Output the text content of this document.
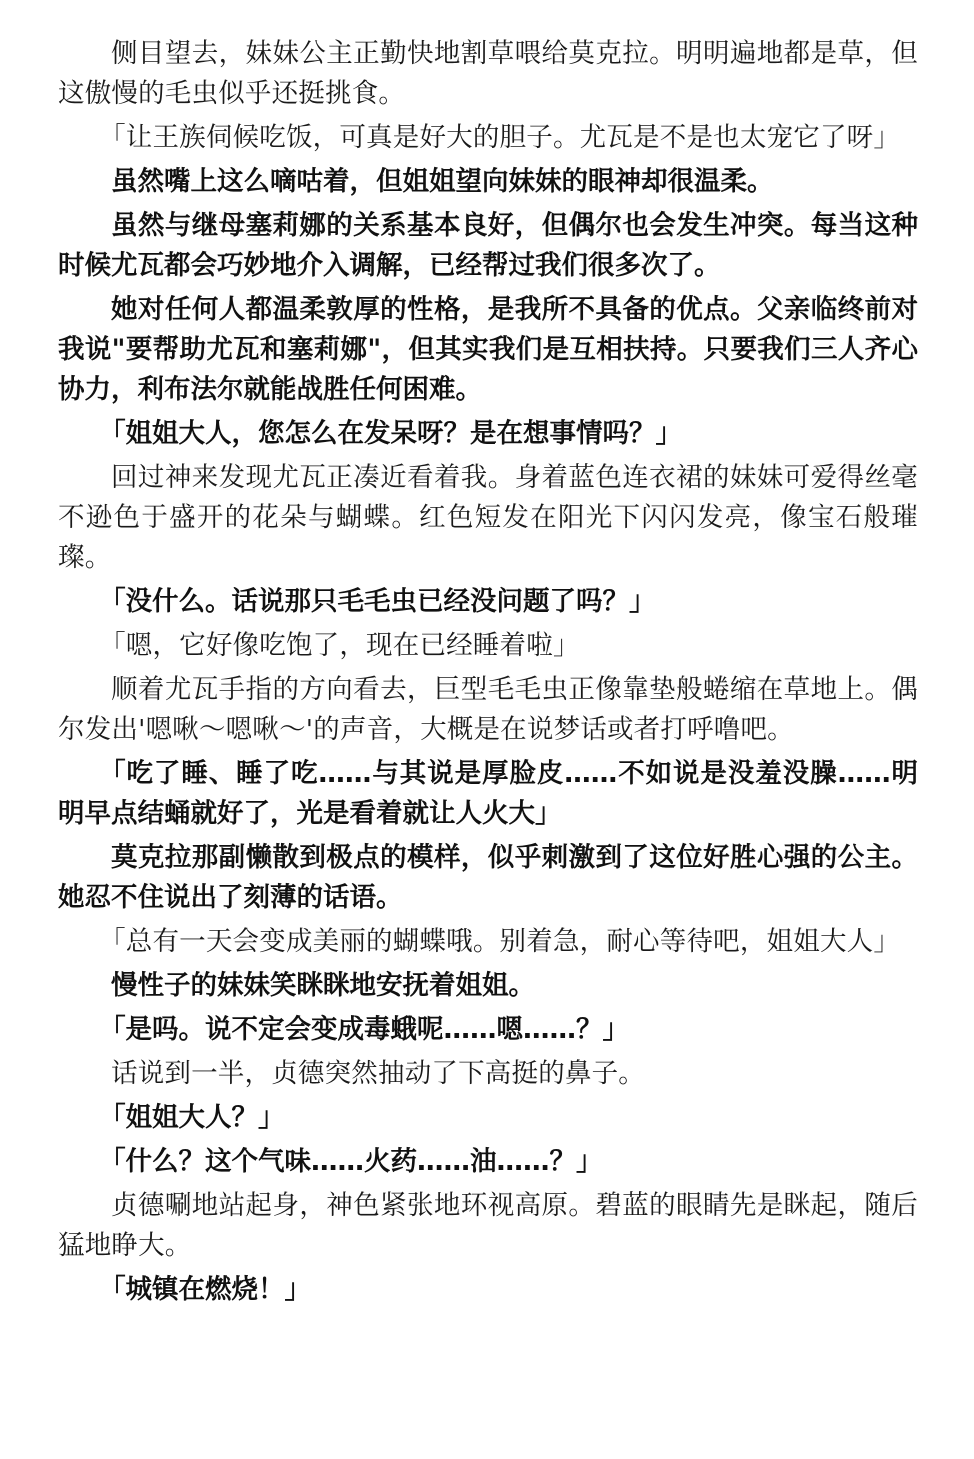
侧目望去，妹妹公主正勤快地割草喂给莫克拉。明明遍地都是草，但这傲慢的毛虫似乎还挺挑食。

「让王族伺候吃饭，可真是好大的胆子。尤瓦是不是也太宠它了呀」

虽然嘴上这么嘀咕着，但姐姐望向妹妹的眼神却很温柔。

虽然与继母塞莉娜的关系基本良好，但偶尔也会发生冲突。每当这种时候尤瓦都会巧妙地介入调解，已经帮过我们很多次了。

她对任何人都温柔敦厚的性格，是我所不具备的优点。父亲临终前对我说"要帮助尤瓦和塞莉娜"，但其实我们是互相扶持。只要我们三人齐心协力，利布法尔就能战胜任何困难。

「姐姐大人，您怎么在发呆呀？是在想事情吗？」

回过神来发现尤瓦正凑近看着我。身着蓝色连衣裙的妹妹可爱得丝毫不逊色于盛开的花朵与蝴蝶。红色短发在阳光下闪闪发亮，像宝石般璀璨。

「没什么。话说那只毛毛虫已经没问题了吗？」

「嗯，它好像吃饱了，现在已经睡着啦」

顺着尤瓦手指的方向看去，巨型毛毛虫正像靠垫般蜷缩在草地上。偶尔发出'嗯啾～嗯啾～'的声音，大概是在说梦话或者打呼噜吧。

「吃了睡、睡了吃……与其说是厚脸皮……不如说是没羞没臊……明明早点结蛹就好了，光是看着就让人火大」

莫克拉那副懒散到极点的模样，似乎刺激到了这位好胜心强的公主。她忍不住说出了刻薄的话语。

「总有一天会变成美丽的蝴蝶哦。别着急，耐心等待吧，姐姐大人」

慢性子的妹妹笑眯眯地安抚着姐姐。

「是吗。说不定会变成毒蛾呢……嗯……？」

话说到一半，贞德突然抽动了下高挺的鼻子。

「姐姐大人？」

「什么？这个气味……火药……油……？」

贞德唰地站起身，神色紧张地环视高原。碧蓝的眼睛先是眯起，随后猛地睁大。

「城镇在燃烧！」
